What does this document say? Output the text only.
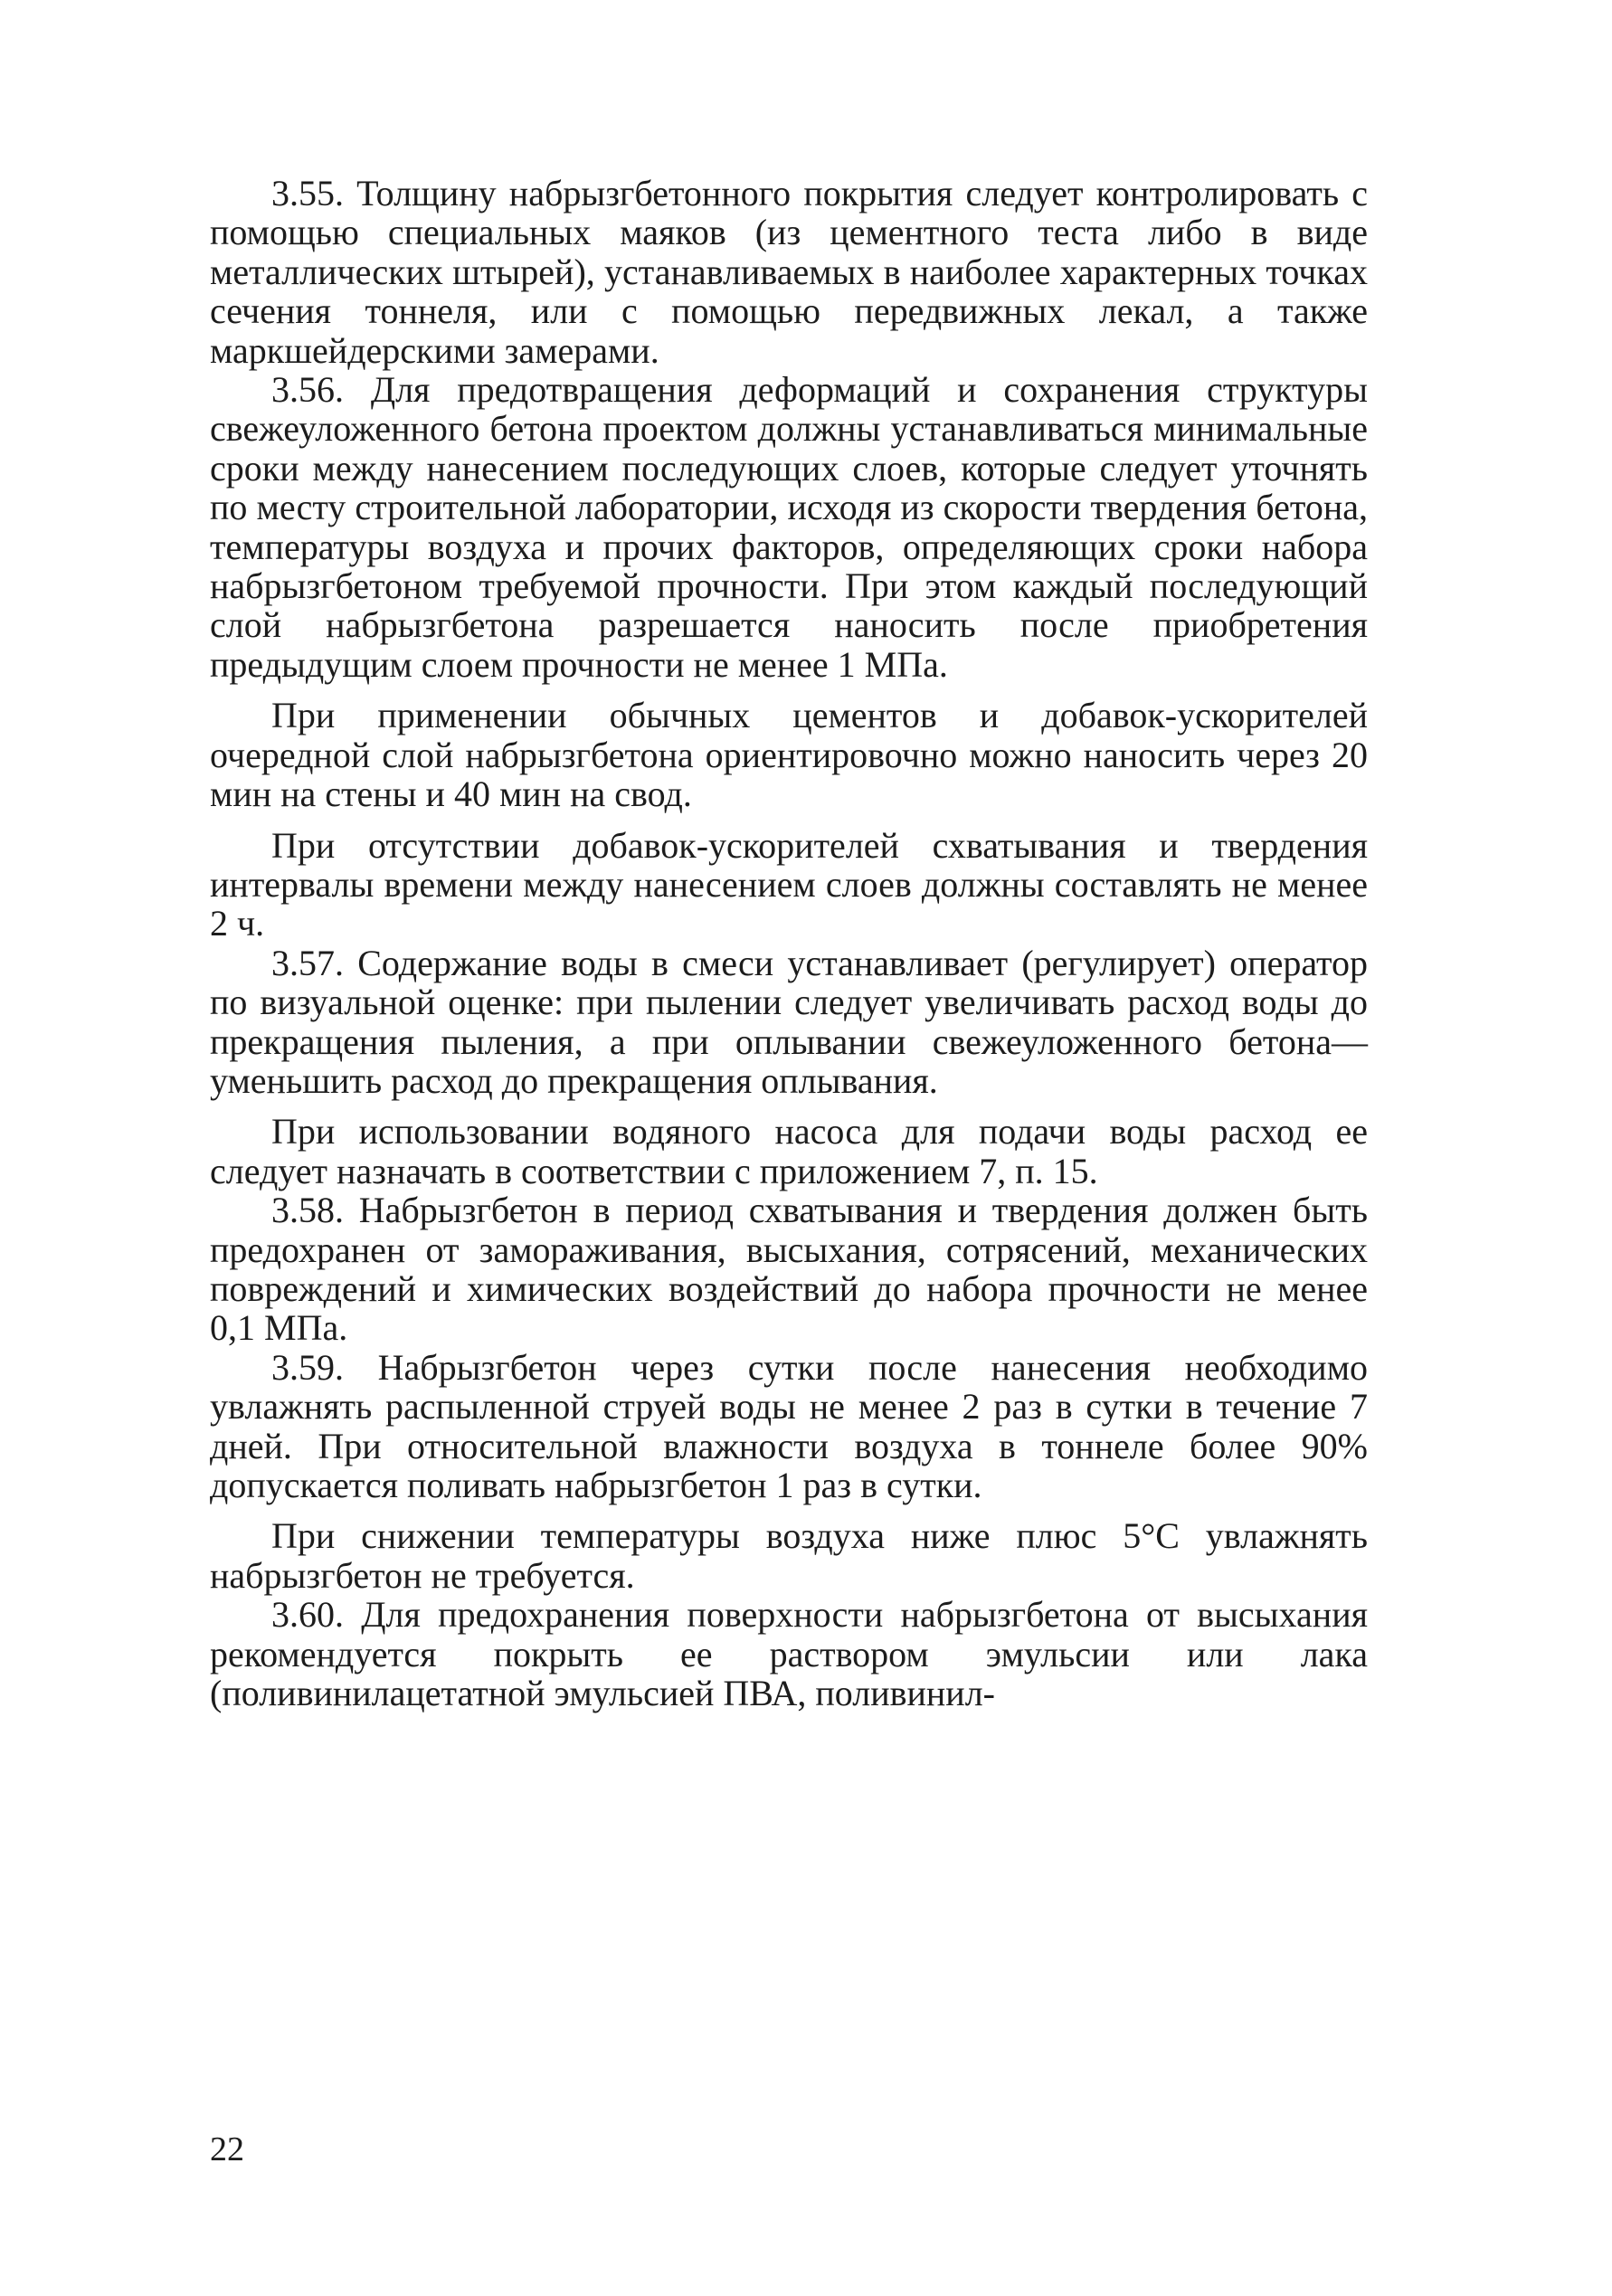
3.55. Толщину набрызгбетонного покрытия следует контролировать с помощью специальных маяков (из цементного теста либо в виде металлических штырей), устанавливаемых в наиболее характерных точках сечения тоннеля, или с помощью передвижных лекал, а также маркшейдерскими замерами.

3.56. Для предотвращения деформаций и сохранения структуры свежеуложенного бетона проектом должны устанавливаться минимальные сроки между нанесением последующих слоев, которые следует уточнять по месту строительной лаборатории, исходя из скорости твердения бетона, температуры воздуха и прочих факторов, определяющих сроки набора набрызгбетоном требуемой прочности. При этом каждый последующий слой набрызгбетона разрешается наносить после приобретения предыдущим слоем прочности не менее 1 МПа.

При применении обычных цементов и добавок-ускорителей очередной слой набрызгбетона ориентировочно можно наносить через 20 мин на стены и 40 мин на свод.

При отсутствии добавок-ускорителей схватывания и твердения интервалы времени между нанесением слоев должны составлять не менее 2 ч.

3.57. Содержание воды в смеси устанавливает (регулирует) оператор по визуальной оценке: при пылении следует увеличивать расход воды до прекращения пыления, а при оплывании свежеуложенного бетона—уменьшить расход до прекращения оплывания.

При использовании водяного насоса для подачи воды расход ее следует назначать в соответствии с приложением 7, п. 15.

3.58. Набрызгбетон в период схватывания и твердения должен быть предохранен от замораживания, высыхания, сотрясений, механических повреждений и химических воздействий до набора прочности не менее 0,1 МПа.

3.59. Набрызгбетон через сутки после нанесения необходимо увлажнять распыленной струей воды не менее 2 раз в сутки в течение 7 дней. При относительной влажности воздуха в тоннеле более 90% допускается поливать набрызгбетон 1 раз в сутки.

При снижении температуры воздуха ниже плюс 5°С увлажнять набрызгбетон не требуется.

3.60. Для предохранения поверхности набрызгбетона от высыхания рекомендуется покрыть ее раствором эмульсии или лака (поливинилацетатной эмульсией ПВА, поливинил-

22
